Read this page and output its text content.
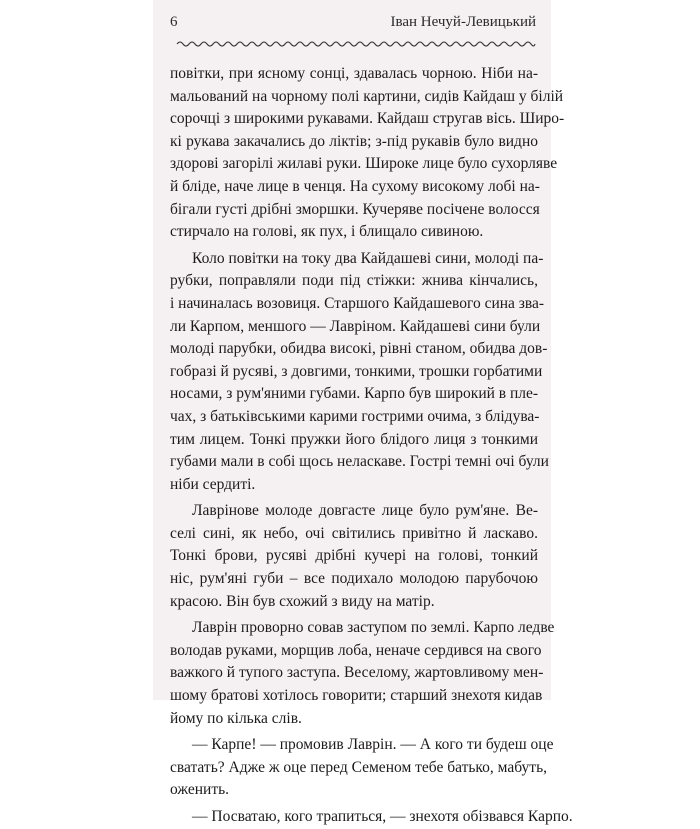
6	Іван Нечуй-Левицький
повітки, при ясному сонці, здавалась чорною. Ніби на-
мальований на чорному полі картини, сидів Кайдаш у білій
сорочці з широкими рукавами. Кайдаш стругав вісь. Широ-
кі рукава закачались до ліктів; з-під рукавів було видно
здорові загорілі жилаві руки. Широке лице було сухорляве
й бліде, наче лице в ченця. На сухому високому лобі на-
бігали густі дрібні зморшки. Кучеряве посічене волосся
стирчало на голові, як пух, і блищало сивиною.
Коло повітки на току два Кайдашеві сини, молоді па-
рубки, поправляли поди під стіжки: жнива кінчались,
і начиналась возовиця. Старшого Кайдашевого сина зва-
ли Карпом, меншого — Лавріном. Кайдашеві сини були
молоді парубки, обидва високі, рівні станом, обидва дов-
гобразі й русяві, з довгими, тонкими, трошки горбатими
носами, з рум'яними губами. Карпо був широкий в пле-
чах, з батьківськими карими гострими очима, з блідува-
тим лицем. Тонкі пружки його блідого лиця з тонкими
губами мали в собі щось неласкаве. Гострі темні очі були
ніби сердиті.
Лаврінове молоде довгасте лице було рум'яне. Ве-
селі сині, як небо, очі світились привітно й ласкаво.
Тонкі брови, русяві дрібні кучері на голові, тонкий
ніс, рум'яні губи – все подихало молодою парубочою
красою. Він був схожий з виду на матір.
Лаврін проворно совав заступом по землі. Карпо ледве
володав руками, морщив лоба, неначе сердився на свого
важкого й тупого заступа. Веселому, жартовливому мен-
шому братові хотілось говорити; старший знехотя кидав
йому по кілька слів.
— Карпе! — промовив Лаврін. — А кого ти будеш оце
сватать? Адже ж оце перед Семеном тебе батько, мабуть,
оженить.
— Посватаю, кого трапиться, — знехотя обізвався Карпо.
